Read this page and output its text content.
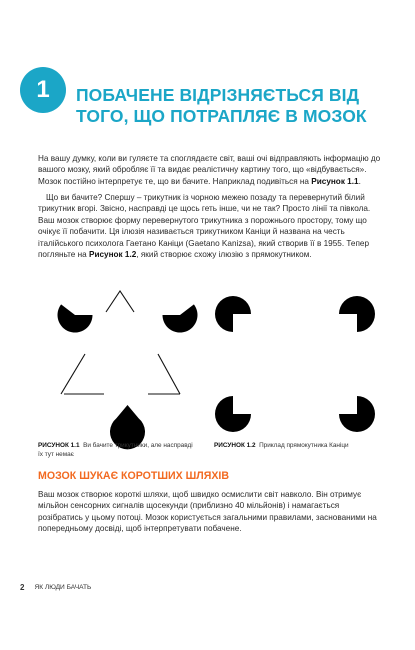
1 ПОБАЧЕНЕ ВІДРІЗНЯЄТЬСЯ ВІД ТОГО, ЩО ПОТРАПЛЯЄ В МОЗОК
На вашу думку, коли ви гуляєте та споглядаєте світ, ваші очі відправляють інформацію до вашого мозку, який обробляє її та видає реалістичну картину того, що «відбувається». Мозок постійно інтерпретує те, що ви бачите. Наприклад подивіться на Рисунок 1.1.
Що ви бачите? Спершу – трикутник із чорною межею позаду та перевернутий білий трикутник вгорі. Звісно, насправді це щось геть інше, чи не так? Просто лінії та півкола. Ваш мозок створює форму перевернутого трикутника з порожнього простору, тому що очікує її побачити. Ця ілюзія називається трикутником Каніци й названа на честь італійського психолога Гаетано Каніци (Gaetano Kanizsa), який створив її в 1955. Тепер погляньте на Рисунок 1.2, який створює схожу ілюзію з прямокутником.
РИСУНОК 1.1 Ви бачите трикутники, але насправді їх тут немає
РИСУНОК 1.2 Приклад прямокутника Каніци
МОЗОК ШУКАЄ КОРОТШИХ ШЛЯХІВ
Ваш мозок створює короткі шляхи, щоб швидко осмислити світ навколо. Він отримує мільйон сенсорних сигналів щосекунди (приблизно 40 мільйонів) і намагається розібратись у цьому потоці. Мозок користується загальними правилами, заснованими на попередньому досвіді, щоб інтерпретувати побачене.
2 ЯК ЛЮДИ БАЧАТЬ
